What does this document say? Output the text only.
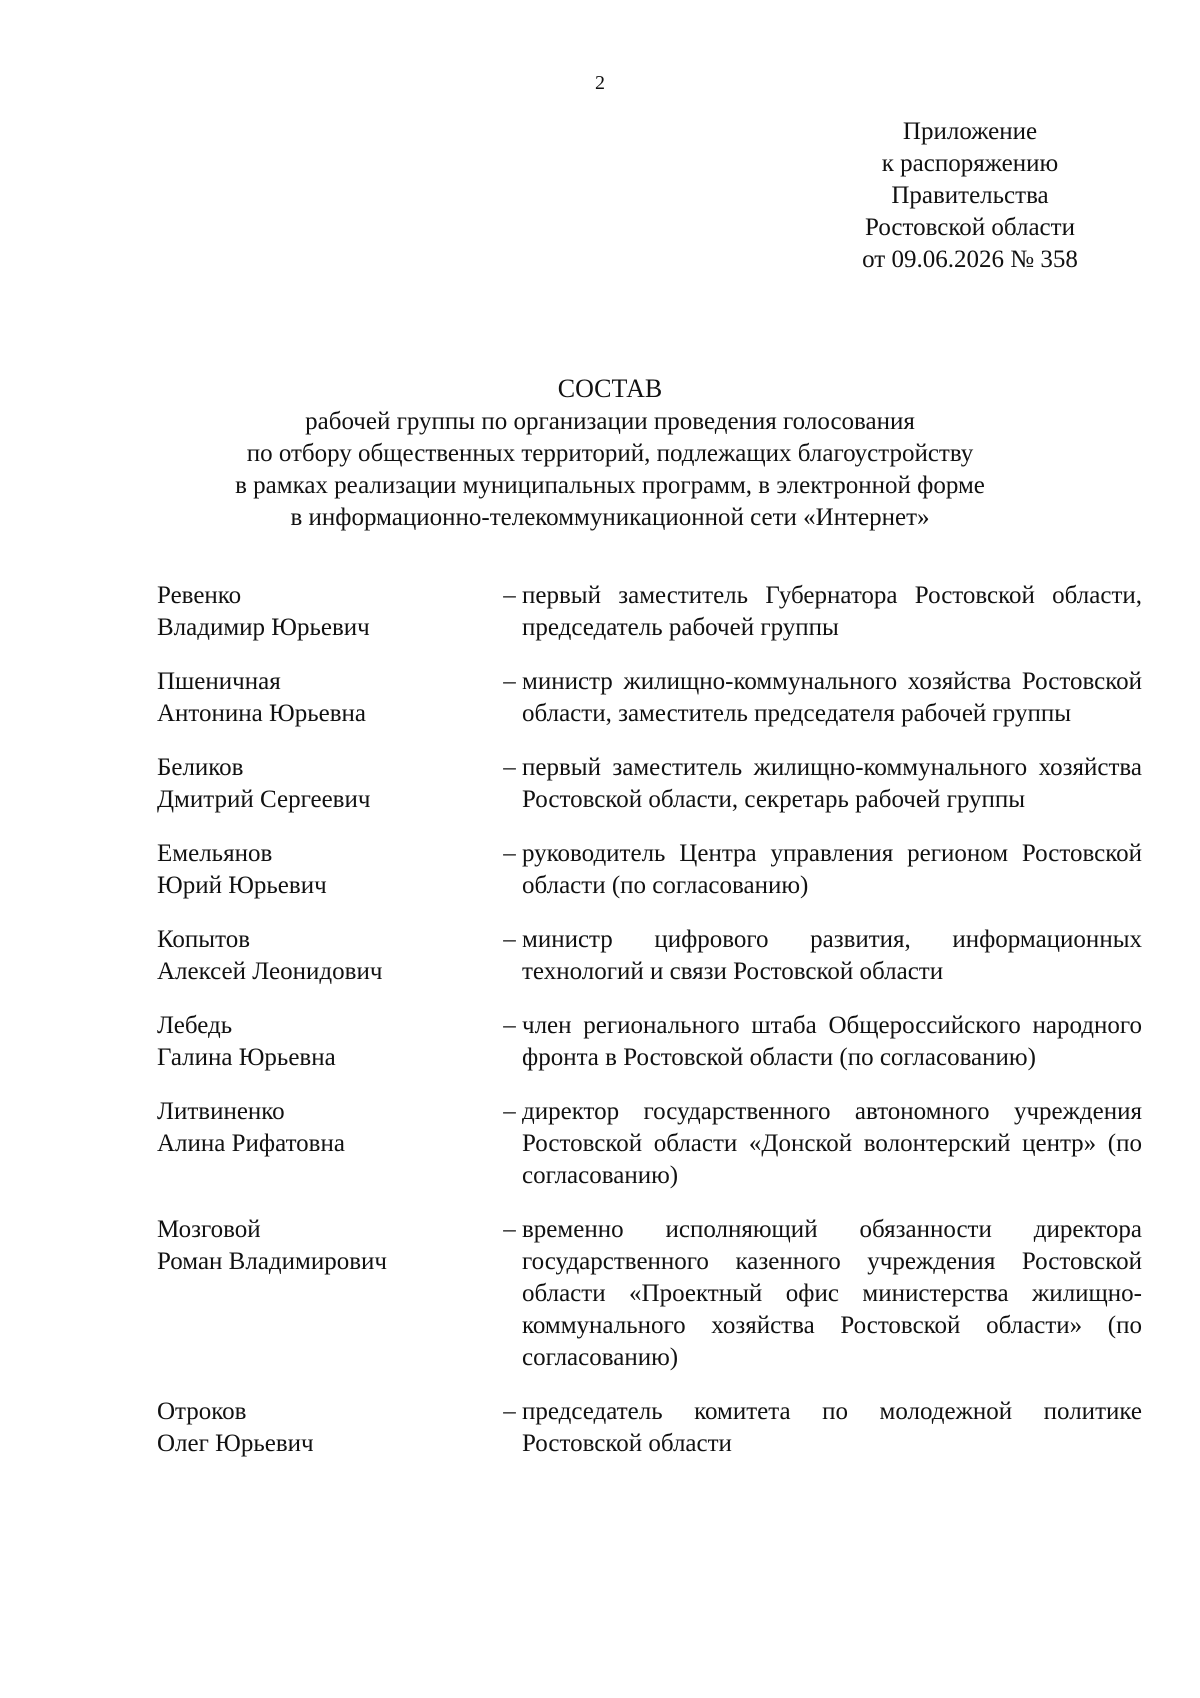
2
Приложение
к распоряжению
Правительства
Ростовской области
от 09.06.2026 № 358
СОСТАВ
рабочей группы по организации проведения голосования
по отбору общественных территорий, подлежащих благоустройству
в рамках реализации муниципальных программ, в электронной форме
в информационно-телекоммуникационной сети «Интернет»
Ревенко
Владимир Юрьевич
– первый заместитель Губернатора Ростовской области, председатель рабочей группы
Пшеничная
Антонина Юрьевна
– министр жилищно-коммунального хозяйства Ростовской области, заместитель председателя рабочей группы
Беликов
Дмитрий Сергеевич
– первый заместитель жилищно-коммунального хозяйства Ростовской области, секретарь рабочей группы
Емельянов
Юрий Юрьевич
– руководитель Центра управления регионом Ростовской области (по согласованию)
Копытов
Алексей Леонидович
– министр цифрового развития, информационных технологий и связи Ростовской области
Лебедь
Галина Юрьевна
– член регионального штаба Общероссийского народного фронта в Ростовской области (по согласованию)
Литвиненко
Алина Рифатовна
– директор государственного автономного учреждения Ростовской области «Донской волонтерский центр» (по согласованию)
Мозговой
Роман Владимирович
– временно исполняющий обязанности директора государственного казенного учреждения Ростовской области «Проектный офис министерства жилищно-коммунального хозяйства Ростовской области» (по согласованию)
Отроков
Олег Юрьевич
– председатель комитета по молодежной политике Ростовской области
